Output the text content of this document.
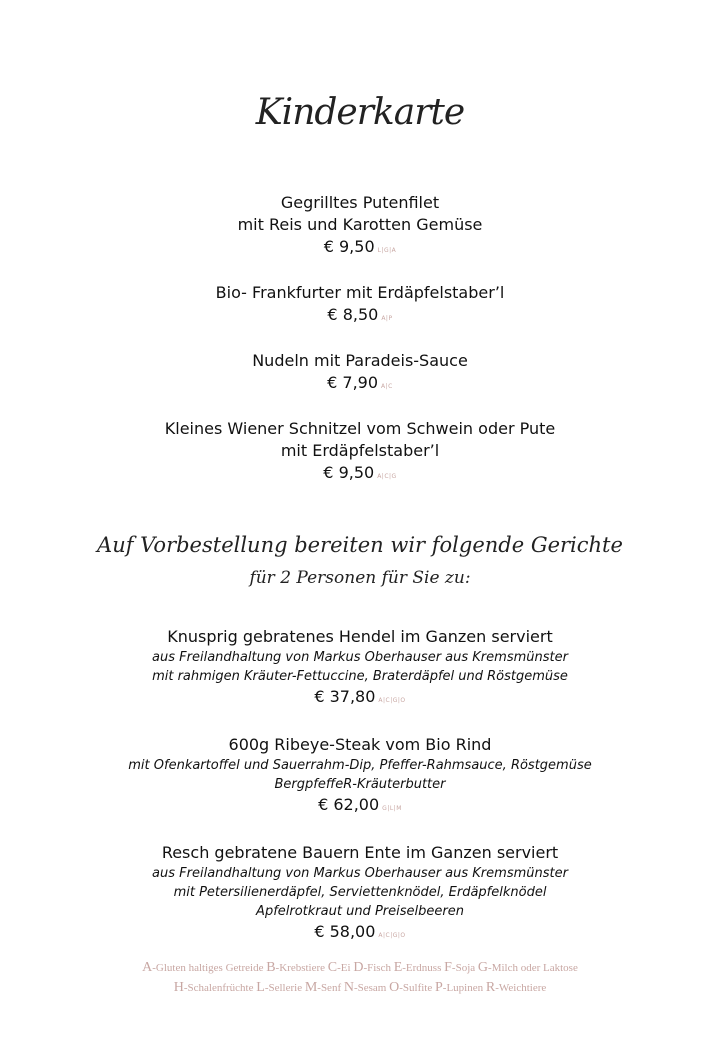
Kinderkarte
Gegrilltes Putenfilet
mit Reis und Karotten Gemüse
€ 9,50 L|G|A
Bio- Frankfurter mit Erdäpfelstaber’l
€ 8,50 A|P
Nudeln mit Paradeis-Sauce
€ 7,90 A|C
Kleines Wiener Schnitzel vom Schwein oder Pute
mit Erdäpfelstaber’l
€ 9,50 A|C|G
Auf Vorbestellung bereiten wir folgende Gerichte
für 2 Personen für Sie zu:
Knusprig gebratenes Hendel im Ganzen serviert
aus Freilandhaltung von Markus Oberhauser aus Kremsmünster
mit rahmigen Kräuter-Fettuccine, Braterdäpfel und Röstgemüse
€ 37,80 A|C|G|O
600g Ribeye-Steak vom Bio Rind
mit Ofenkartoffel und Sauerrahm-Dip, Pfeffer-Rahmsauce, Röstgemüse
BergpfeffeR-Kräuterbutter
€ 62,00 G|L|M
Resch gebratene Bauern Ente im Ganzen serviert
aus Freilandhaltung von Markus Oberhauser aus Kremsmünster
mit Petersilienerdäpfel, Serviettenknödel, Erdäpfelknödel
Apfelrotkraut und Preiselbeeren
€ 58,00 A|C|G|O
A-Gluten haltiges Getreide B-Krebstiere C-Ei D-Fisch E-Erdnuss F-Soja G-Milch oder Laktose
H-Schalenfrüchte L-Sellerie M-Senf N-Sesam O-Sulfite P-Lupinen R-Weichtiere
